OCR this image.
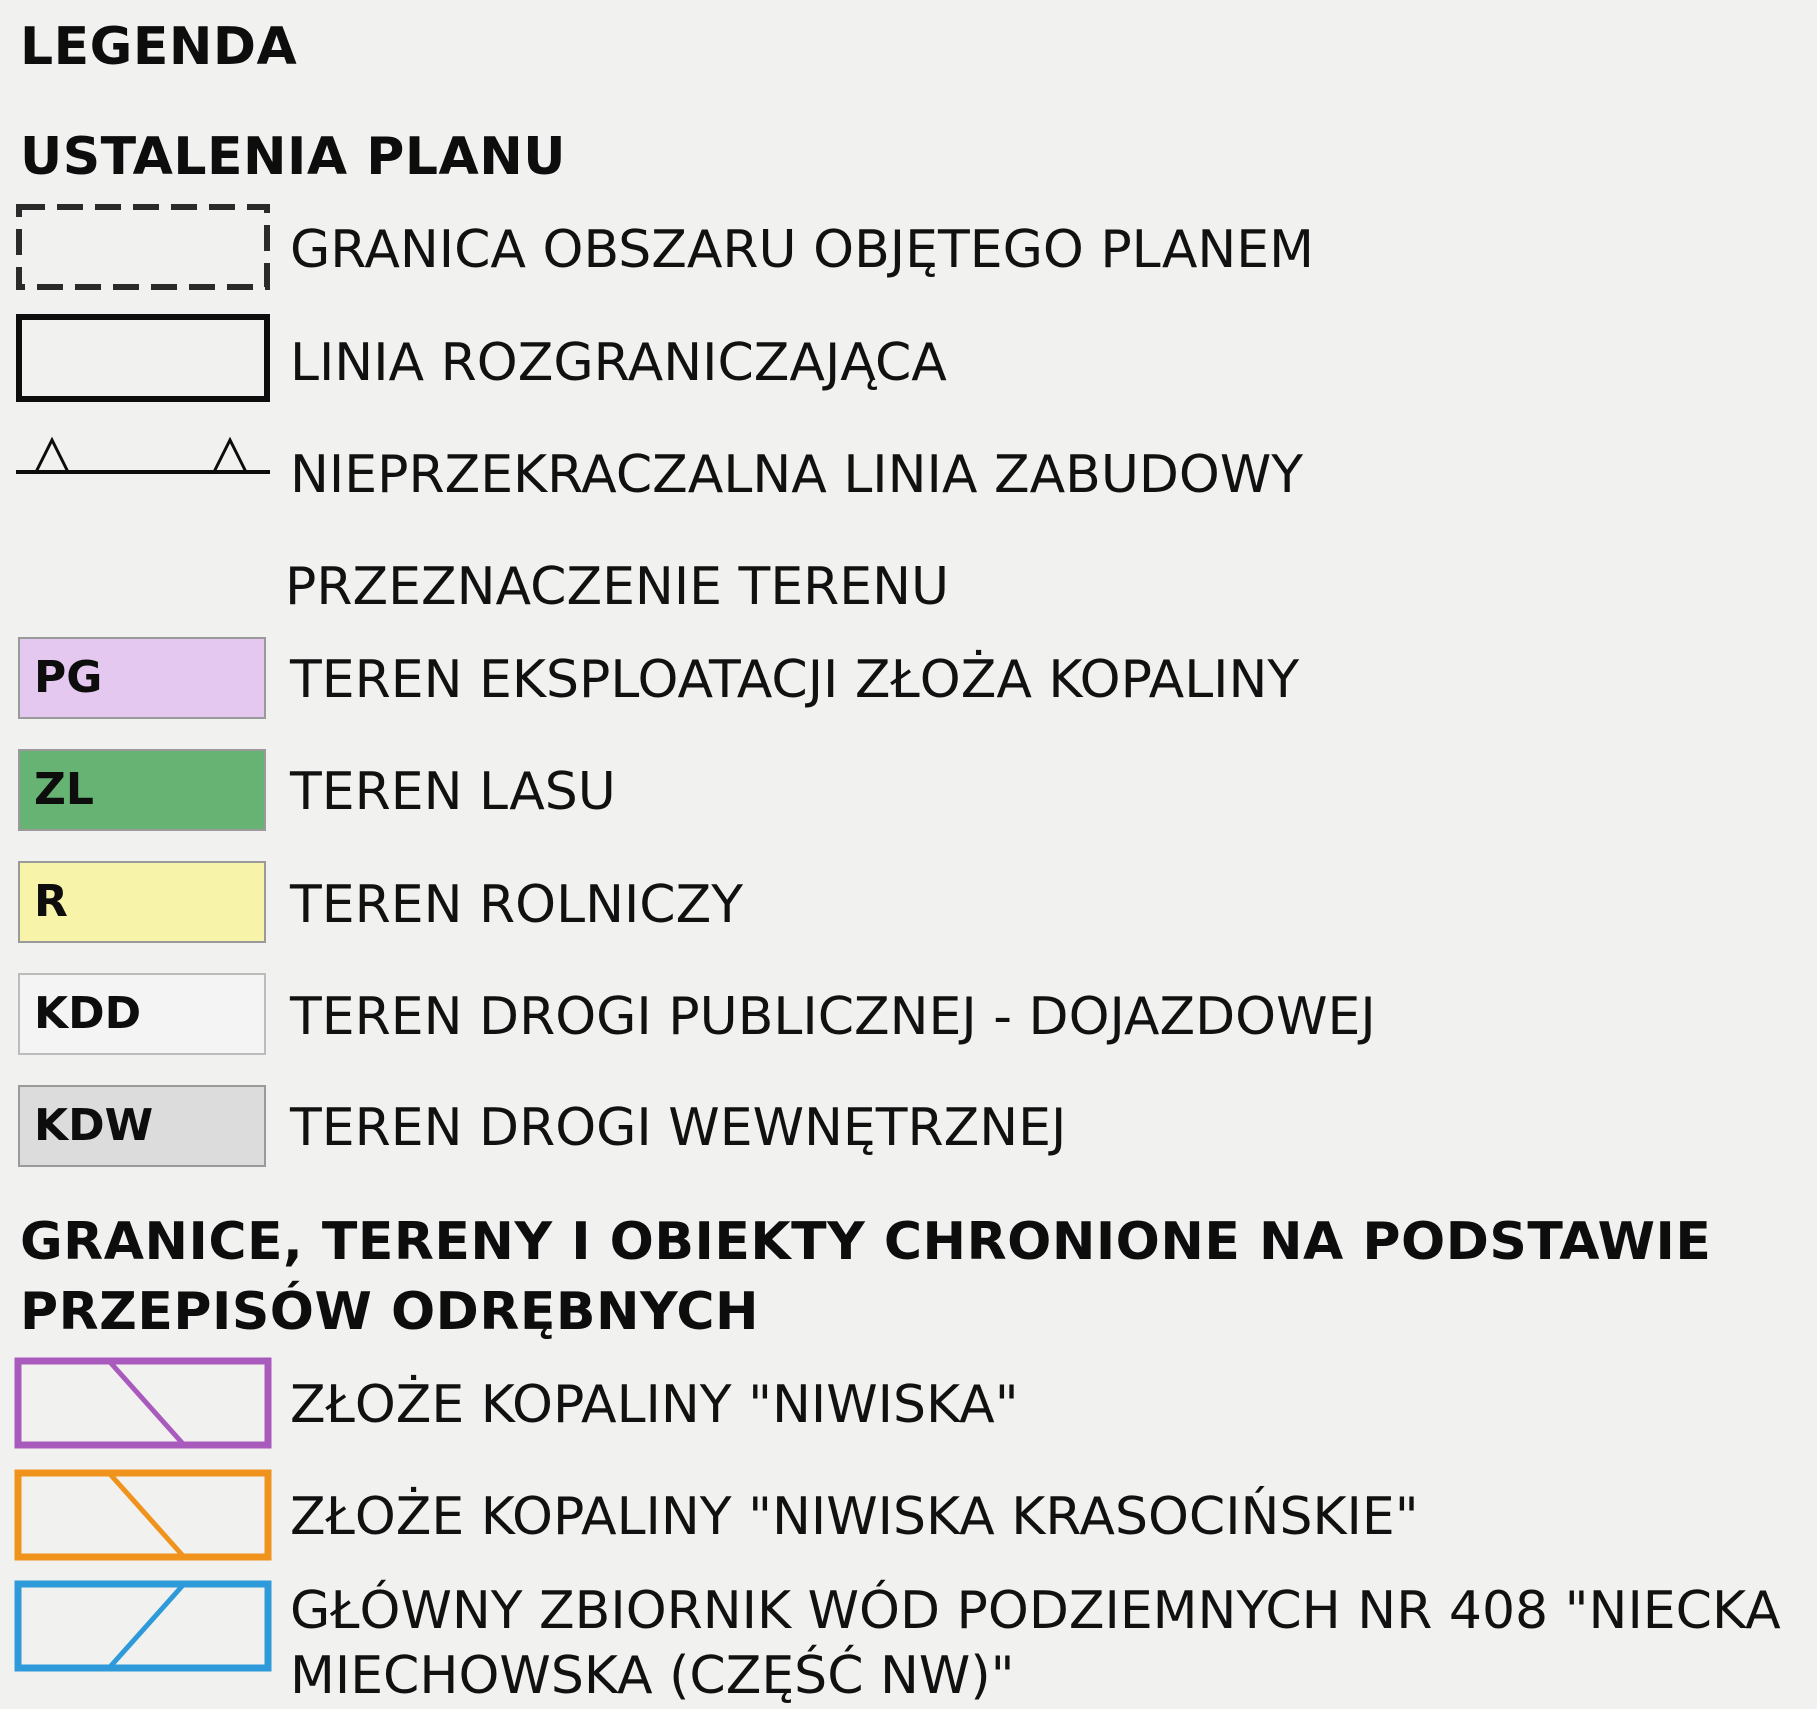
LEGENDA
USTALENIA PLANU
GRANICA OBSZARU OBJĘTEGO PLANEM
LINIA ROZGRANICZAJĄCA
NIEPRZEKRACZALNA LINIA ZABUDOWY
PRZEZNACZENIE TERENU
PG	TEREN EKSPLOATACJI ZŁOŻA KOPALINY
ZL	TEREN LASU
R	TEREN ROLNICZY
KDD	TEREN DROGI PUBLICZNEJ - DOJAZDOWEJ
KDW	TEREN DROGI WEWNĘTRZNEJ
GRANICE, TERENY I OBIEKTY CHRONIONE NA PODSTAWIE
PRZEPISÓW ODRĘBNYCH
ZŁOŻE KOPALINY "NIWISKA"
ZŁOŻE KOPALINY "NIWISKA KRASOCIŃSKIE"
GŁÓWNY ZBIORNIK WÓD PODZIEMNYCH NR 408 "NIECKA
MIECHOWSKA (CZĘŚĆ NW)"
